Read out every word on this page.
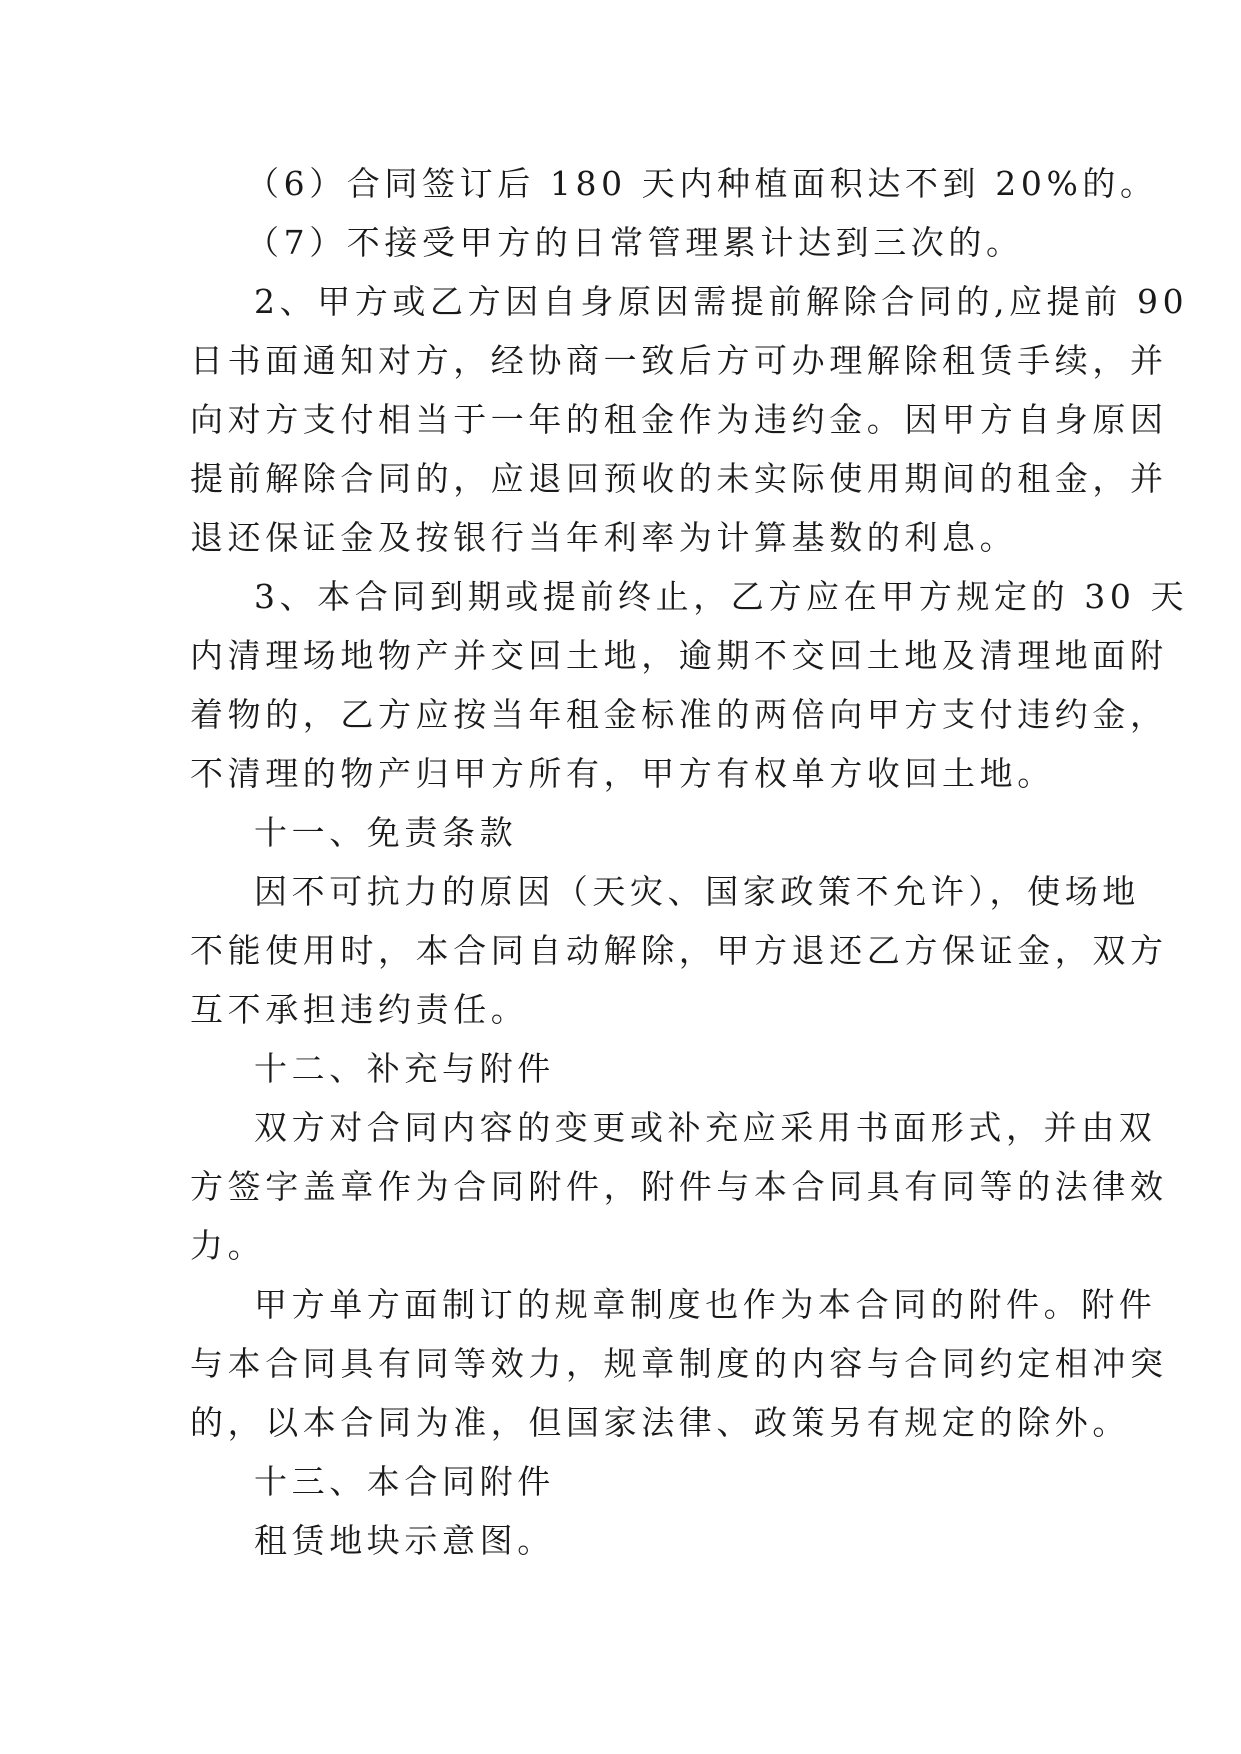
（6）合同签订后 180 天内种植面积达不到 20%的。
（7）不接受甲方的日常管理累计达到三次的。
2、甲方或乙方因自身原因需提前解除合同的,应提前 90
日书面通知对方，经协商一致后方可办理解除租赁手续，并
向对方支付相当于一年的租金作为违约金。因甲方自身原因
提前解除合同的，应退回预收的未实际使用期间的租金，并
退还保证金及按银行当年利率为计算基数的利息。
3、本合同到期或提前终止，乙方应在甲方规定的 30 天
内清理场地物产并交回土地，逾期不交回土地及清理地面附
着物的，乙方应按当年租金标准的两倍向甲方支付违约金，
不清理的物产归甲方所有，甲方有权单方收回土地。
十一、免责条款
因不可抗力的原因（天灾、国家政策不允许），使场地
不能使用时，本合同自动解除，甲方退还乙方保证金，双方
互不承担违约责任。
十二、补充与附件
双方对合同内容的变更或补充应采用书面形式，并由双
方签字盖章作为合同附件，附件与本合同具有同等的法律效
力。
甲方单方面制订的规章制度也作为本合同的附件。附件
与本合同具有同等效力，规章制度的内容与合同约定相冲突
的，以本合同为准，但国家法律、政策另有规定的除外。
十三、本合同附件
租赁地块示意图。
